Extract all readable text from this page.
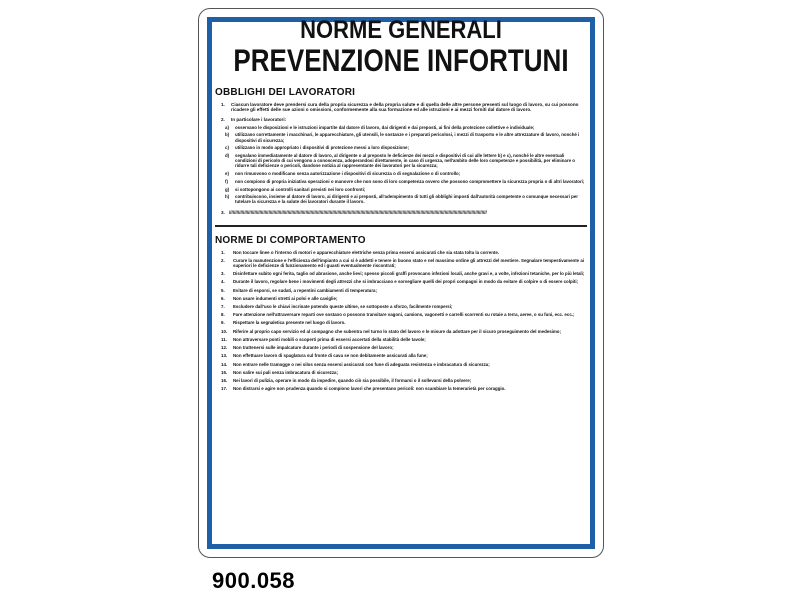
NORME GENERALI
PREVENZIONE INFORTUNI
OBBLIGHI DEI LAVORATORI
1.	Ciascun lavoratore deve prendersi cura della propria sicurezza e della propria salute e di quella delle altre persone presenti sul luogo di lavoro, su cui possono ricadere gli effetti delle sue azioni o omissioni, conformemente alla sua formazione ed alle istruzioni e ai mezzi forniti dal datore di lavoro.
2.	In particolare i lavoratori:
a)	osservano le disposizioni e le istruzioni impartite dal datore di lavoro, dai dirigenti e dai preposti, ai fini della protezione collettive e individuale;
b)	utilizzano correttamente i macchinari, le apparecchiature, gli utensili, le sostanze e i preparati pericolosi, i mezzi di trasporto e le altre attrezzature di lavoro, nonché i dispositivi di sicurezza;
c)	utilizzano in modo appropriato i dispositivi di protezione messi a loro disposizione;
d)	segnalano immediatamente al datore di lavoro, al dirigente o al preposto le deficienze dei mezzi e dispositivi di cui alle lettere b) e c), nonché le altre eventuali condizioni di pericolo di cui vengono a conoscenza, adoperandosi direttamente, in caso di urgenza, nell'ambito delle loro competenze e possibilità, per eliminare o ridurre tali deficienze o pericoli, dandone notizia al rappresentante dei lavoratori per la sicurezza;
e)	non rimuovono o modificano senza autorizzazione i dispositivi di sicurezza o di segnalazione o di controllo;
f)	non compiono di propria iniziativa operazioni o manovre che non sono di loro competenza ovvero che possono compromettere la sicurezza propria o di altri lavoratori;
g)	si sottopongono ai controlli sanitari previsti nei loro confronti;
h)	contribuiscono, insieme al datore di lavoro, ai dirigenti e ai preposti, all'adempimento di tutti gli obblighi imposti dall'autorità competente o comunque necessari per tutelare la sicurezza e la salute dei lavoratori durante il lavoro.
3. //////////////////////////////////////////////////////////////////////////////////////////////////////////////////////////////////////////////////////////////////////////////////////////////////////////
NORME DI COMPORTAMENTO
1.	Non toccare linee o l'interno di motori e apparecchiature elettriche senza prima essersi assicurati che sia stata tolta la corrente.
2.	Curare la manutenzione e l'efficienza dell'impianto a cui si è addetti e tenere in buono stato e nel massimo ordine gli attrezzi del mestiere. Segnalare tempestivamente ai superiori le deficienze di funzionamento ed i guasti eventualmente riscontrati;
3.	Disinfettare subito ogni ferita, taglio od abrasione, anche lievi; spesso piccoli graffi provocano infezioni locali, anche gravi e, a volte, infezioni tetaniche, per lo più letali;
4.	Durante il lavoro, regolare bene i movimenti degli attrezzi che si imbracciano e sorvegliare quelli dei propri compagni in modo da evitare di colpire o di essere colpiti;
5.	Evitare di esporsi, se sudati, a repentini cambiamenti di temperatura;
6.	Non usare indumenti stretti ai polsi e alle caviglie;
7.	Escludere dall'uso le chiavi incrinate potendo queste ultime, se sottoposte a sforzo, facilmente rompersi;
8.	Fare attenzione nell'attraversare reparti ove sostano o possono transitare vagoni, camions, vagonetti e carrelli scorrenti su rotaie a terra, aeree, o su funi, ecc. ecc.;
9.	Rispettare la segnaletica presente nel luogo di lavoro.
10.	Riferire al proprio capo servizio ed al compagno che subentra nel turno lo stato del lavoro e le misure da adottare per il sicuro proseguimento del medesimo;
11.	Non attraversare ponti mobili o scoperti prima di essersi accertati della stabilità delle tavole;
12.	Non trattenersi sulle impalcature durante i periodi di sospensione del lavoro;
13.	Non effettuare lavoro di spaglatura sul fronte di cava se non debitamente assicurati alla fune;
14.	Non entrare nelle tramogge o nei silos senza essersi assicurati con fune di adeguata resistenza e imbracatura di sicurezza;
15.	Non salire sui pali senza imbracatura di sicurezza;
16.	Nei lavori di pulizia, operare in modo da impedire, quando ciò sia possibile, il formarsi o il sollevarsi della polvere;
17.	Non distrarsi e agire non prudenza quando si compiono lavori che presentano pericoli: non scambiare la temerarietà per coraggio.
900.058
